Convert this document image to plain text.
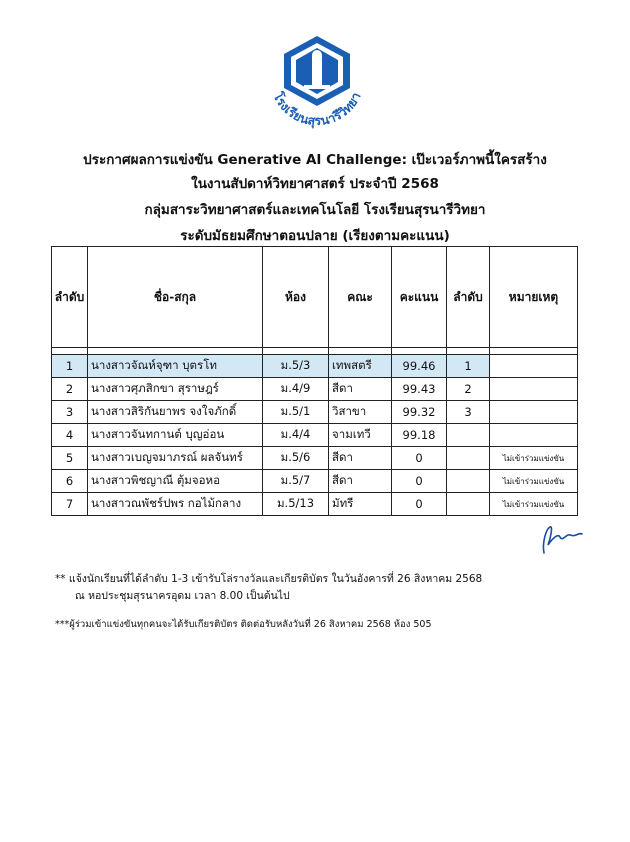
โรงเรียนสุรนารีวิทยา
ประกาศผลการแข่งขัน Generative AI Challenge: เป๊ะเวอร์ภาพนี้ใครสร้าง
ในงานสัปดาห์วิทยาศาสตร์ ประจำปี 2568
กลุ่มสาระวิทยาศาสตร์และเทคโนโลยี โรงเรียนสุรนารีวิทยา
ระดับมัธยมศึกษาตอนปลาย (เรียงตามคะแนน)
ลำดับ	ชื่อ-สกุล	ห้อง	คณะ	คะแนน	ลำดับ	หมายเหตุ

1	นางสาวจัณห์จุฑา บุตรโท	ม.5/3	เทพสตรี	99.46	1	
2	นางสาวศุภสิกขา สุราษฎร์	ม.4/9	สีดา	99.43	2	
3	นางสาวสิริกันยาพร จงใจภักดิ์	ม.5/1	วิสาขา	99.32	3	
4	นางสาวจันทกานต์ บุญอ่อน	ม.4/4	จามเทวี	99.18		
5	นางสาวเบญจมาภรณ์ ผลจันทร์	ม.5/6	สีดา	0		ไม่เข้าร่วมแข่งขัน
6	นางสาวพิชญาณี ตุ้มจอหอ	ม.5/7	สีดา	0		ไม่เข้าร่วมแข่งขัน
7	นางสาวณพัชร์ปพร กอไม้กลาง	ม.5/13	มัทรี	0		ไม่เข้าร่วมแข่งขัน
** แจ้งนักเรียนที่ได้ลำดับ 1-3 เข้ารับโล่รางวัลและเกียรติบัตร ในวันอังคารที่ 26 สิงหาคม 2568
ณ หอประชุมสุรนาครอุดม เวลา 8.00 เป็นต้นไป
***ผู้ร่วมเข้าแข่งขันทุกคนจะได้รับเกียรติบัตร ติดต่อรับหลังวันที่ 26 สิงหาคม 2568 ห้อง 505
